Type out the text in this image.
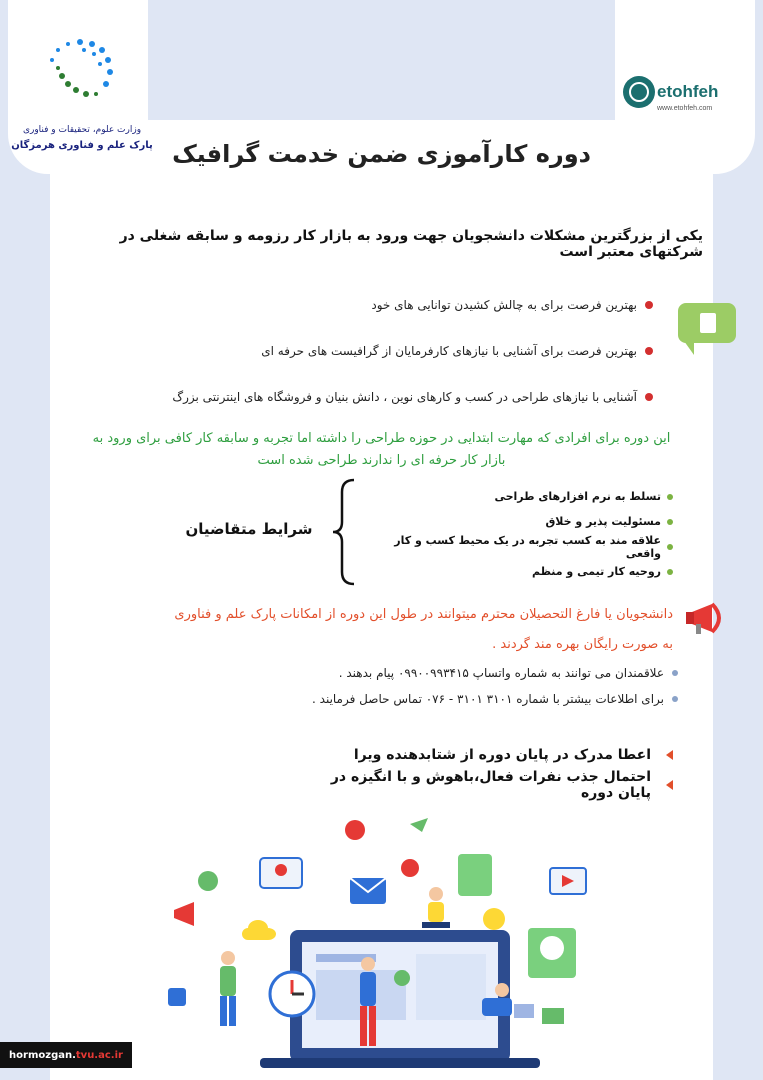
وزارت علوم، تحقیقات و فناوری
پارک علم و فناوری هرمزگان
etohfeh
www.etohfeh.com
دوره کارآموزی ضمن خدمت گرافیک
یکی از بزرگترین مشکلات دانشجویان جهت ورود به بازار کار رزومه و سابقه شغلی در شرکتهای معتبر است
بهترین فرصت برای به چالش کشیدن توانایی های خود
بهترین فرصت برای آشنایی با نیازهای کارفرمایان از گرافیست های حرفه ای
آشنایی با نیازهای طراحی در کسب و کارهای نوین ، دانش بنیان و فروشگاه های اینترنتی بزرگ
این دوره برای افرادی که مهارت ابتدایی در حوزه طراحی را داشته اما تجربه و سابقه کار کافی برای ورود به
بازار کار حرفه ای را ندارند طراحی شده است
تسلط به نرم افزارهای طراحی
مسئولیت پذیر و خلاق
علاقه مند به کسب تجربه در یک محیط کسب و کار واقعی
روحیه کار تیمی و منظم
شرایط متقاضیان
دانشجویان یا فارغ التحصیلان محترم میتوانند در طول این دوره از امکانات پارک علم و فناوری
به صورت رایگان بهره مند گردند .
علاقمندان می توانند به شماره واتساپ ۰۹۹۰۰۹۹۳۴۱۵ پیام بدهند .
برای اطلاعات بیشتر با شماره ۳۱۰۱ ۳۱۰۱ - ۰۷۶ تماس حاصل فرمایند .
اعطا مدرک در پایان دوره از شتابدهنده ویرا
احتمال جذب نفرات فعال،باهوش و با انگیزه در پایان دوره
hormozgan. tvu.ac.ir
